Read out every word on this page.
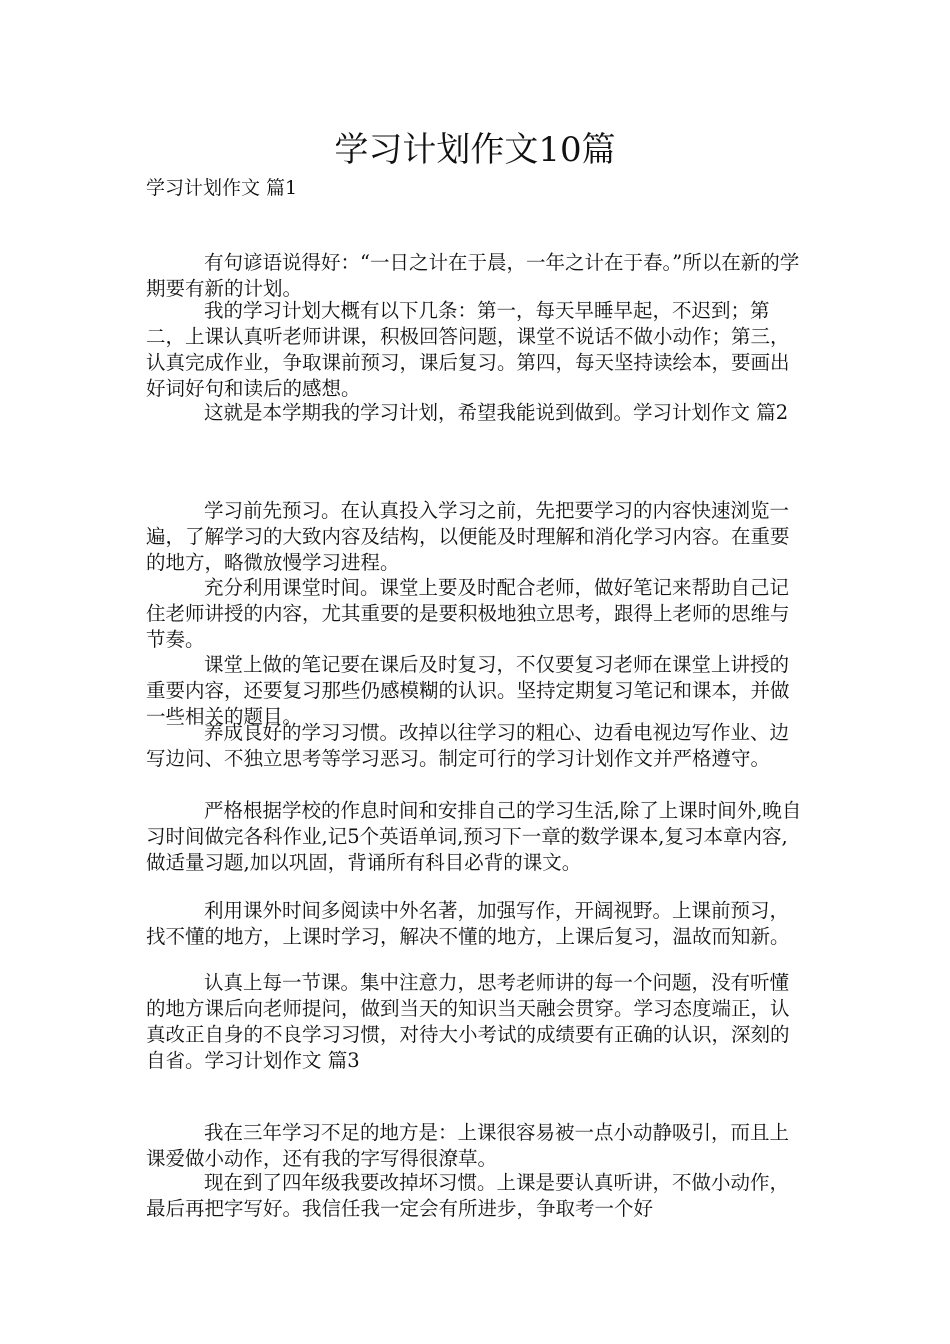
学习计划作文10篇
学习计划作文 篇1

有句谚语说得好：“一日之计在于晨，一年之计在于春。”所以在新的学期要有新的计划。

我的学习计划大概有以下几条：第一，每天早睡早起，不迟到；第二，上课认真听老师讲课，积极回答问题，课堂不说话不做小动作；第三，认真完成作业，争取课前预习，课后复习。第四，每天坚持读绘本，要画出好词好句和读后的感想。

这就是本学期我的学习计划，希望我能说到做到。学习计划作文 篇2

学习前先预习。在认真投入学习之前，先把要学习的内容快速浏览一遍，了解学习的大致内容及结构，以便能及时理解和消化学习内容。在重要的地方，略微放慢学习进程。

充分利用课堂时间。课堂上要及时配合老师，做好笔记来帮助自己记住老师讲授的内容，尤其重要的是要积极地独立思考，跟得上老师的思维与节奏。

课堂上做的笔记要在课后及时复习，不仅要复习老师在课堂上讲授的重要内容，还要复习那些仍感模糊的认识。坚持定期复习笔记和课本，并做一些相关的题目。

养成良好的学习习惯。改掉以往学习的粗心、边看电视边写作业、边写边问、不独立思考等学习恶习。制定可行的学习计划作文并严格遵守。

严格根据学校的作息时间和安排自己的学习生活,除了上课时间外,晚自习时间做完各科作业,记5个英语单词,预习下一章的数学课本,复习本章内容,做适量习题,加以巩固，背诵所有科目必背的课文。

利用课外时间多阅读中外名著，加强写作，开阔视野。上课前预习，找不懂的地方，上课时学习，解决不懂的地方，上课后复习，温故而知新。

认真上每一节课。集中注意力，思考老师讲的每一个问题，没有听懂的地方课后向老师提问，做到当天的知识当天融会贯穿。学习态度端正，认真改正自身的不良学习习惯，对待大小考试的成绩要有正确的认识，深刻的自省。学习计划作文 篇3

我在三年学习不足的地方是：上课很容易被一点小动静吸引，而且上课爱做小动作，还有我的字写得很潦草。

现在到了四年级我要改掉坏习惯。上课是要认真听讲，不做小动作，最后再把字写好。我信任我一定会有所进步，争取考一个好
